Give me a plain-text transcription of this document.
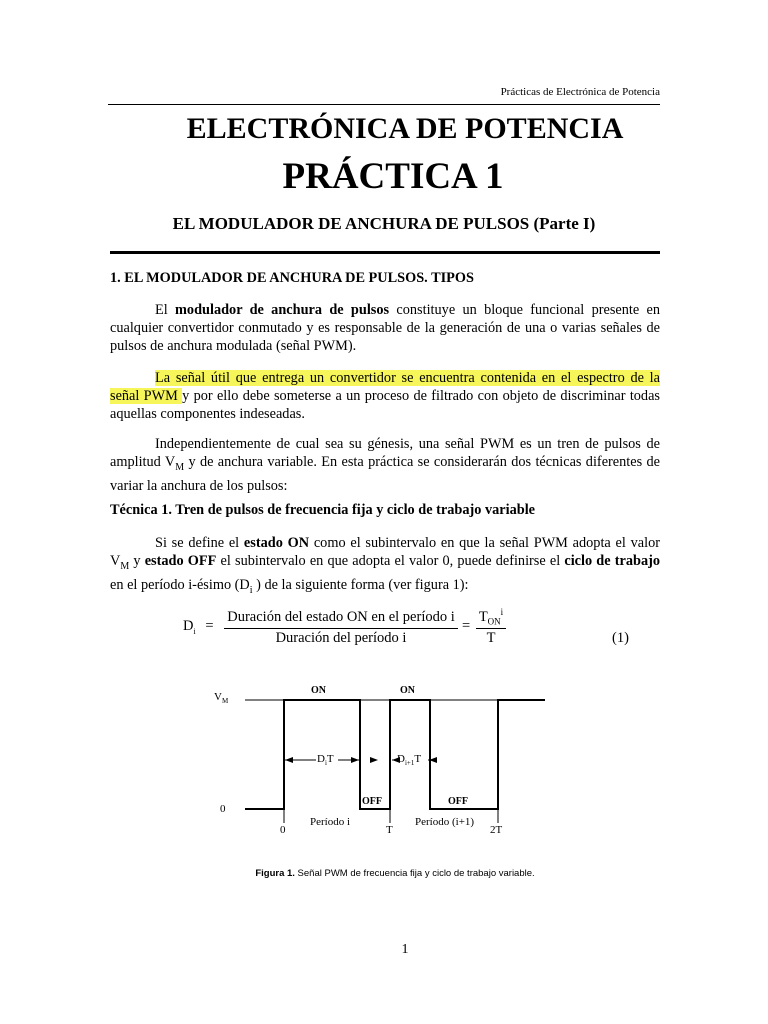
Prácticas de Electrónica de Potencia
ELECTRÓNICA DE POTENCIA
PRÁCTICA 1
EL MODULADOR DE ANCHURA DE PULSOS (Parte I)
1. EL MODULADOR DE ANCHURA DE PULSOS. TIPOS

El modulador de anchura de pulsos constituye un bloque funcional presente en cualquier convertidor conmutado y es responsable de la generación de una o varias señales de pulsos de anchura modulada (señal PWM).

La señal útil que entrega un convertidor se encuentra contenida en el espectro de la señal PWM y por ello debe someterse a un proceso de filtrado con objeto de discriminar todas aquellas componentes indeseadas.

Independientemente de cual sea su génesis, una señal PWM es un tren de pulsos de amplitud $V_M$ y de anchura variable. En esta práctica se considerarán dos técnicas diferentes de variar la anchura de los pulsos:

Técnica 1. Tren de pulsos de frecuencia fija y ciclo de trabajo variable

Si se define el estado ON como el subintervalo en que la señal PWM adopta el valor $V_M$ y estado OFF el subintervalo en que adopta el valor 0, puede definirse el ciclo de trabajo en el período i-ésimo ($D_i$ ) de la siguiente forma (ver figura 1):

$D_i$ =
Duración del estado ON en el período i
Duración del período i
=
$T_{ON}^i$
T	(1)
$V_M$
0
ON	ON
OFF	OFF
$D_iT$	$D_{i+1}T$
Período i	Período (i+1)
0	T	2T
Figura 1. Señal PWM de frecuencia fija y ciclo de trabajo variable.
1
